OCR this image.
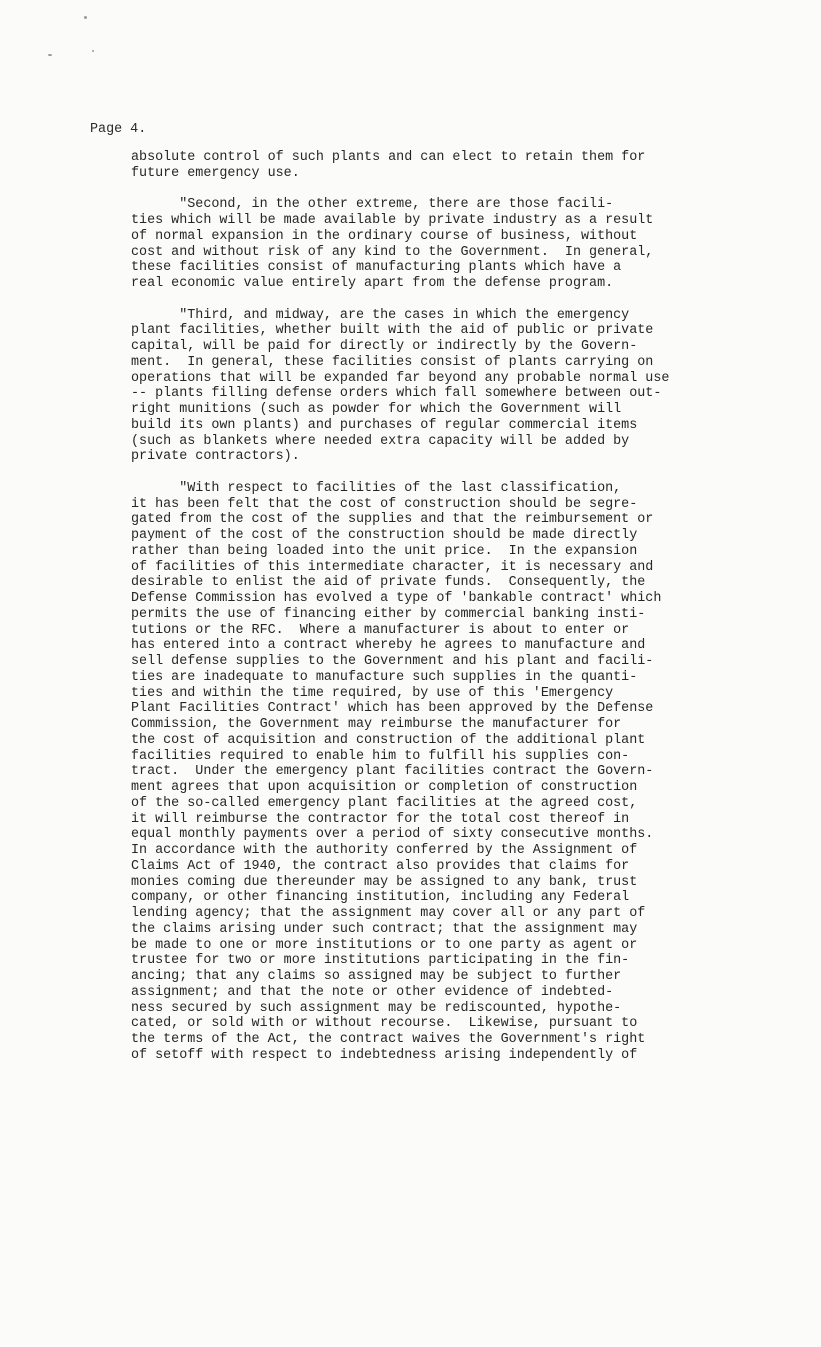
Page 4.

absolute control of such plants and can elect to retain them for
future emergency use.

"Second, in the other extreme, there are those facili-
ties which will be made available by private industry as a result
of normal expansion in the ordinary course of business, without
cost and without risk of any kind to the Government.  In general,
these facilities consist of manufacturing plants which have a
real economic value entirely apart from the defense program.

"Third, and midway, are the cases in which the emergency
plant facilities, whether built with the aid of public or private
capital, will be paid for directly or indirectly by the Govern-
ment.  In general, these facilities consist of plants carrying on
operations that will be expanded far beyond any probable normal use
-- plants filling defense orders which fall somewhere between out-
right munitions (such as powder for which the Government will
build its own plants) and purchases of regular commercial items
(such as blankets where needed extra capacity will be added by
private contractors).

"With respect to facilities of the last classification,
it has been felt that the cost of construction should be segre-
gated from the cost of the supplies and that the reimbursement or
payment of the cost of the construction should be made directly
rather than being loaded into the unit price.  In the expansion
of facilities of this intermediate character, it is necessary and
desirable to enlist the aid of private funds.  Consequently, the
Defense Commission has evolved a type of 'bankable contract' which
permits the use of financing either by commercial banking insti-
tutions or the RFC.  Where a manufacturer is about to enter or
has entered into a contract whereby he agrees to manufacture and
sell defense supplies to the Government and his plant and facili-
ties are inadequate to manufacture such supplies in the quanti-
ties and within the time required, by use of this 'Emergency
Plant Facilities Contract' which has been approved by the Defense
Commission, the Government may reimburse the manufacturer for
the cost of acquisition and construction of the additional plant
facilities required to enable him to fulfill his supplies con-
tract.  Under the emergency plant facilities contract the Govern-
ment agrees that upon acquisition or completion of construction
of the so-called emergency plant facilities at the agreed cost,
it will reimburse the contractor for the total cost thereof in
equal monthly payments over a period of sixty consecutive months.
In accordance with the authority conferred by the Assignment of
Claims Act of 1940, the contract also provides that claims for
monies coming due thereunder may be assigned to any bank, trust
company, or other financing institution, including any Federal
lending agency; that the assignment may cover all or any part of
the claims arising under such contract; that the assignment may
be made to one or more institutions or to one party as agent or
trustee for two or more institutions participating in the fin-
ancing; that any claims so assigned may be subject to further
assignment; and that the note or other evidence of indebted-
ness secured by such assignment may be rediscounted, hypothe-
cated, or sold with or without recourse.  Likewise, pursuant to
the terms of the Act, the contract waives the Government's right
of setoff with respect to indebtedness arising independently of
